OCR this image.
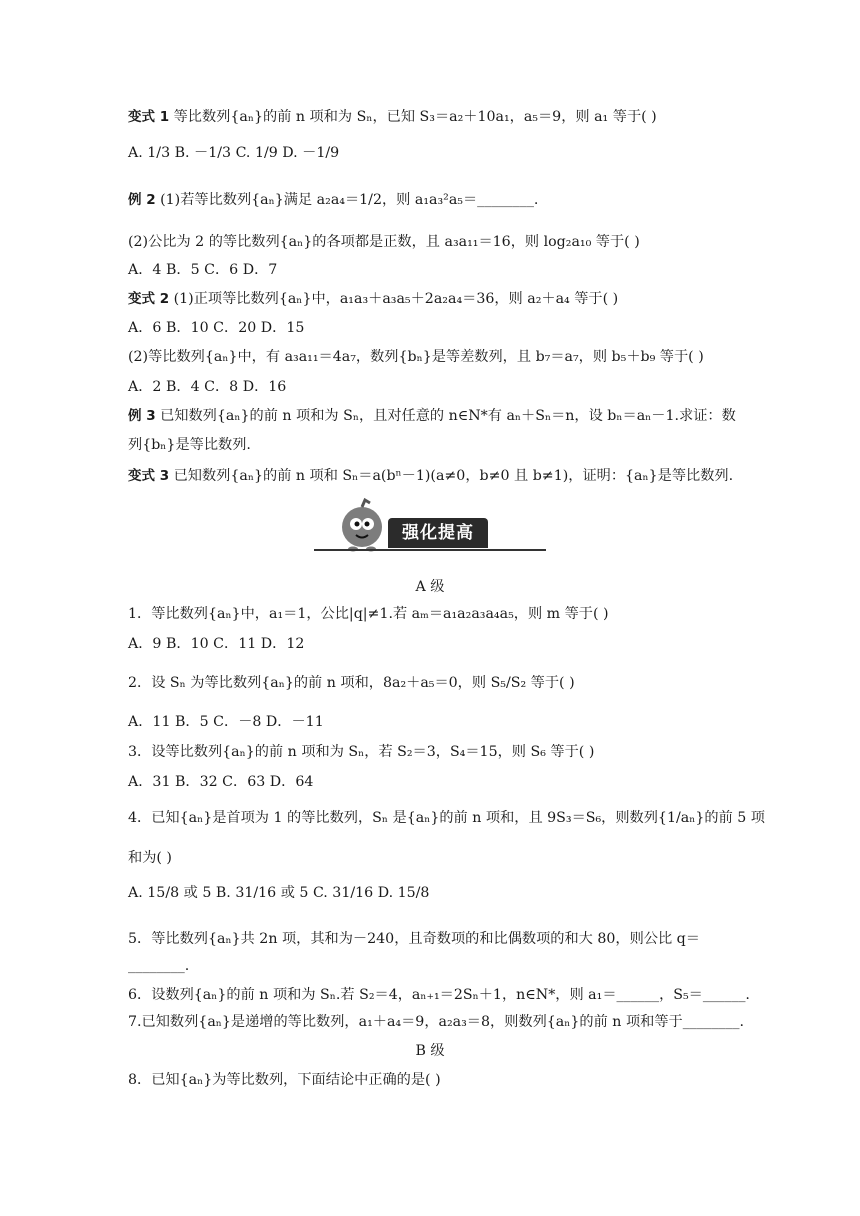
变式 1 等比数列{aₙ}的前 n 项和为 Sₙ，已知 S₃＝a₂＋10a₁，a₅＝9，则 a₁ 等于( )
A. 1/3 B. －1/3 C. 1/9 D. －1/9
例 2 (1)若等比数列{aₙ}满足 a₂a₄＝1/2，则 a₁a₃²a₅＝________.
(2)公比为 2 的等比数列{aₙ}的各项都是正数，且 a₃a₁₁＝16，则 log₂a₁₀ 等于( )
A．4 B．5 C．6 D．7
变式 2 (1)正项等比数列{aₙ}中，a₁a₃＋a₃a₅＋2a₂a₄＝36，则 a₂＋a₄ 等于( )
A．6 B．10 C．20 D．15
(2)等比数列{aₙ}中，有 a₃a₁₁＝4a₇，数列{bₙ}是等差数列，且 b₇＝a₇，则 b₅＋b₉ 等于( )
A．2 B．4 C．8 D．16
例 3 已知数列{aₙ}的前 n 项和为 Sₙ，且对任意的 n∈N*有 aₙ＋Sₙ＝n，设 bₙ＝aₙ－1.求证：数
列{bₙ}是等比数列.
变式 3 已知数列{aₙ}的前 n 项和 Sₙ＝a(bⁿ－1)(a≠0，b≠0 且 b≠1)，证明：{aₙ}是等比数列.
1．等比数列{aₙ}中，a₁＝1，公比|q|≠1.若 aₘ＝a₁a₂a₃a₄a₅，则 m 等于( )
A．9 B．10 C．11 D．12
2．设 Sₙ 为等比数列{aₙ}的前 n 项和，8a₂＋a₅＝0，则 S₅/S₂ 等于( )
A．11 B．5 C．－8 D．－11
3．设等比数列{aₙ}的前 n 项和为 Sₙ，若 S₂＝3，S₄＝15，则 S₆ 等于( )
A．31 B．32 C．63 D．64
4．已知{aₙ}是首项为 1 的等比数列，Sₙ 是{aₙ}的前 n 项和，且 9S₃＝S₆，则数列{1/aₙ}的前 5 项
和为( )
A. 15/8 或 5 B. 31/16 或 5 C. 31/16 D. 15/8
5．等比数列{aₙ}共 2n 项，其和为－240，且奇数项的和比偶数项的和大 80，则公比 q＝
________.
6．设数列{aₙ}的前 n 项和为 Sₙ.若 S₂＝4，aₙ₊₁＝2Sₙ＋1，n∈N*，则 a₁＝______，S₅＝______.
7.已知数列{aₙ}是递增的等比数列，a₁＋a₄＝9，a₂a₃＝8，则数列{aₙ}的前 n 项和等于________.
8．已知{aₙ}为等比数列，下面结论中正确的是( )
A 级
B 级
强化提高
